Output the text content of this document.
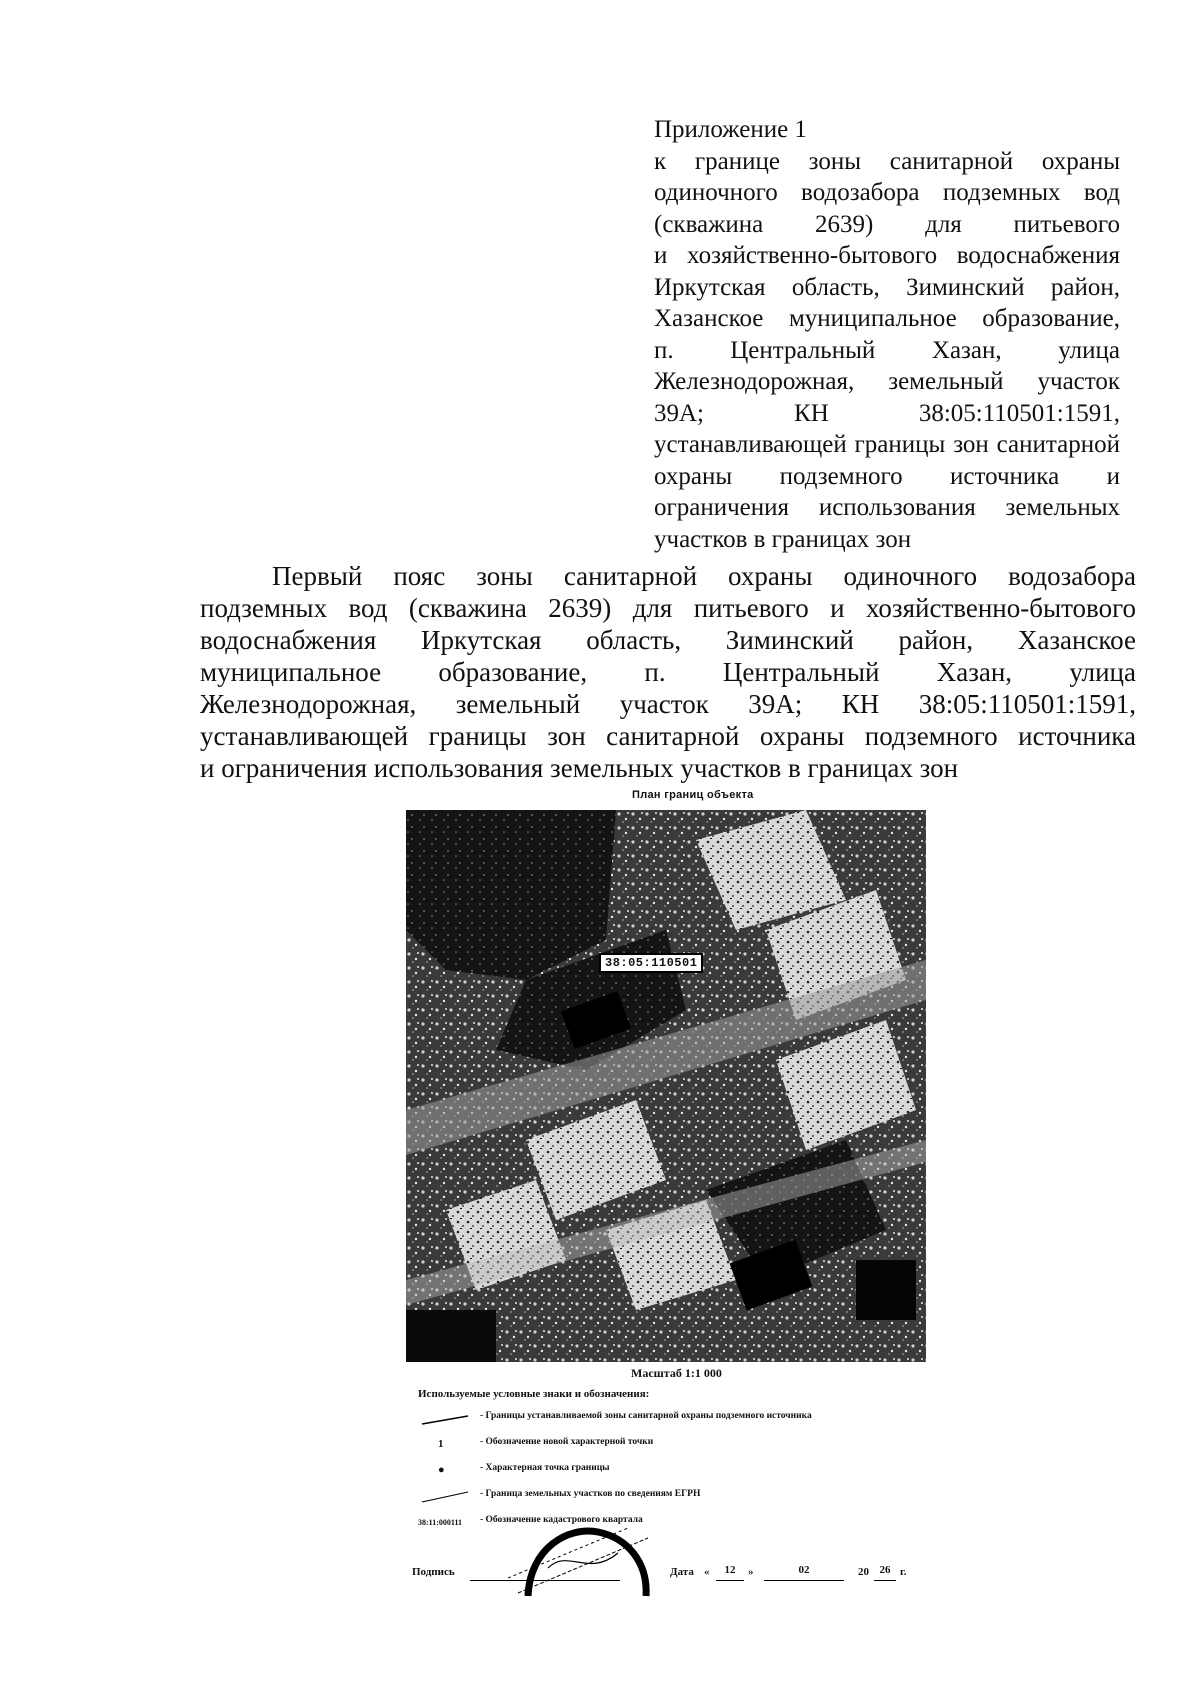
Приложение 1
к границе зоны санитарной охраны
одиночного водозабора подземных вод
(скважина 2639) для питьевого
и хозяйственно-бытового водоснабжения
Иркутская область, Зиминский район,
Хазанское муниципальное образование,
п. Центральный Хазан, улица
Железнодорожная, земельный участок
39А; КН 38:05:110501:1591,
устанавливающей границы зон санитарной
охраны подземного источника и
ограничения использования земельных
участков в границах зон
Первый пояс зоны санитарной охраны одиночного водозабора
подземных вод (скважина 2639) для питьевого и хозяйственно-бытового
водоснабжения Иркутская область, Зиминский район, Хазанское
муниципальное образование, п. Центральный Хазан, улица
Железнодорожная, земельный участок 39А; КН 38:05:110501:1591,
устанавливающей границы зон санитарной охраны подземного источника
и ограничения использования земельных участков в границах зон
План границ объекта
38:05:110501
Масштаб 1:1 000
Используемые условные знаки и обозначения:
- Границы устанавливаемой зоны санитарной охраны подземного источника
1	- Обозначение новой характерной точки
●	- Характерная точка границы
- Граница земельных участков по сведениям ЕГРН
38:11:000111	- Обозначение кадастрового квартала
Подпись	Дата «	12	»	02	20 26 г.
